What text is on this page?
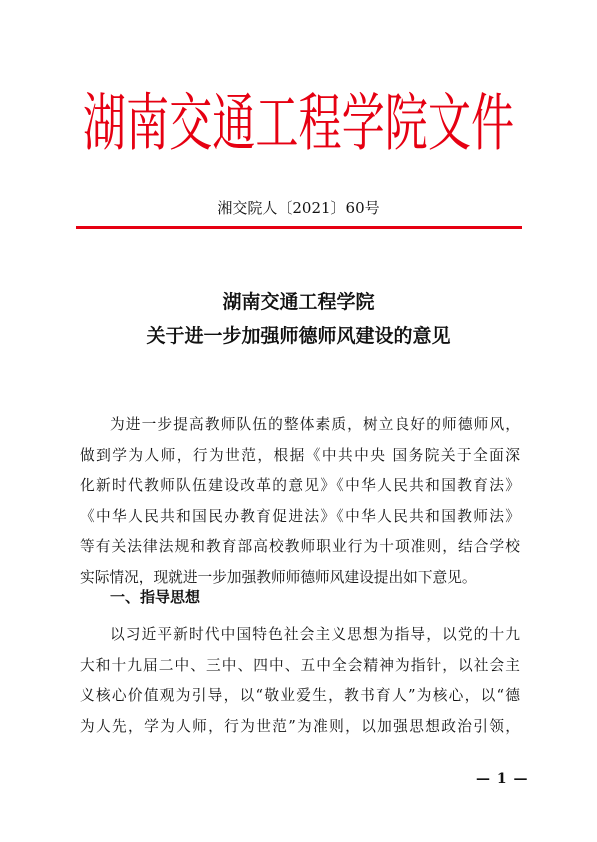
湖南交通工程学院文件
湘交院人〔2021〕60号
湖南交通工程学院
关于进一步加强师德师风建设的意见
为进一步提高教师队伍的整体素质，树立良好的师德师风，
做到学为人师，行为世范，根据《中共中央 国务院关于全面深
化新时代教师队伍建设改革的意见》《中华人民共和国教育法》
《中华人民共和国民办教育促进法》《中华人民共和国教师法》
等有关法律法规和教育部高校教师职业行为十项准则，结合学校
实际情况，现就进一步加强教师师德师风建设提出如下意见。
一、指导思想
以习近平新时代中国特色社会主义思想为指导，以党的十九
大和十九届二中、三中、四中、五中全会精神为指针，以社会主
义核心价值观为引导，以“敬业爱生，教书育人”为核心，以“德
为人先，学为人师，行为世范”为准则，以加强思想政治引领，
— 1 —
